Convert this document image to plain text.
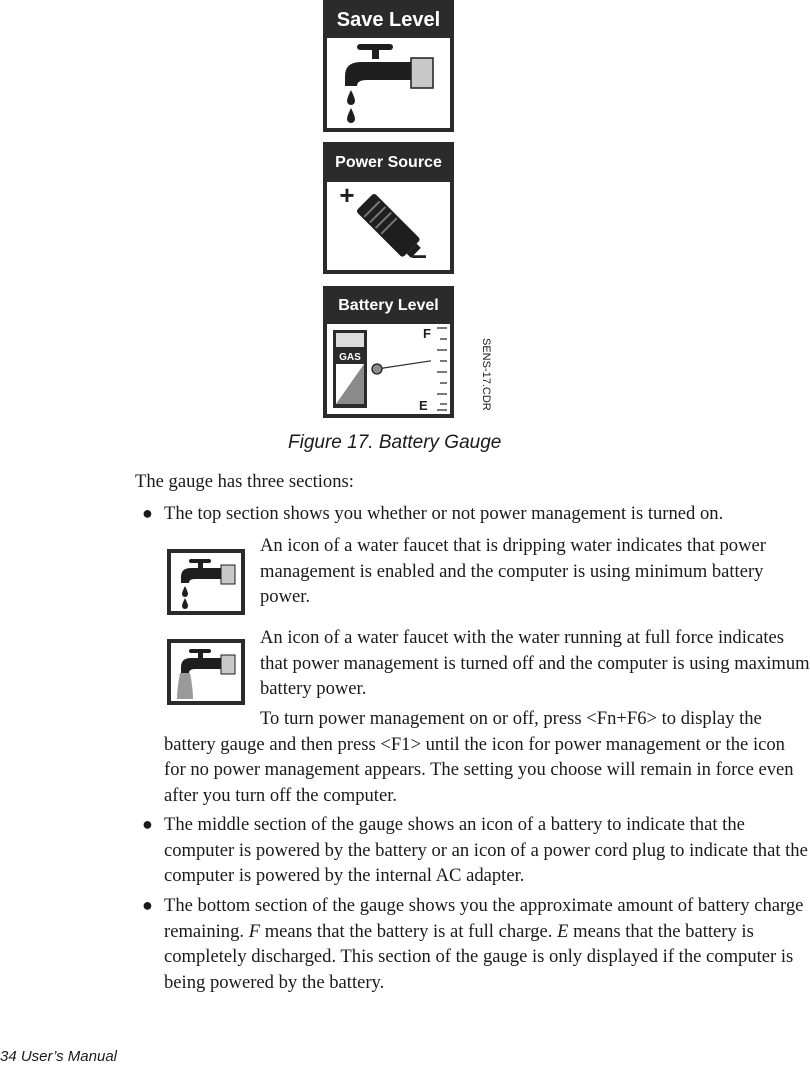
Save Level
Power Source
+
–
Battery Level
GAS
F
E	SENS-17.CDR
Figure 17. Battery Gauge
The gauge has three sections:
● The top section shows you whether or not power management is turned on.
An icon of a water faucet that is dripping water indicates that power management is enabled and the computer is using minimum battery power.
An icon of a water faucet with the water running at full force indicates that power management is turned off and the computer is using maximum battery power.
To turn power management on or off, press <Fn+F6> to display the battery gauge and then press <F1> until the icon for power management or the icon for no power management appears. The setting you choose will remain in force even after you turn off the computer.
● The middle section of the gauge shows an icon of a battery to indicate that the computer is powered by the battery or an icon of a power cord plug to indicate that the computer is powered by the internal AC adapter.
● The bottom section of the gauge shows you the approximate amount of battery charge remaining. F means that the battery is at full charge. E means that the battery is completely discharged. This section of the gauge is only displayed if the computer is being powered by the battery.
34 User’s Manual
